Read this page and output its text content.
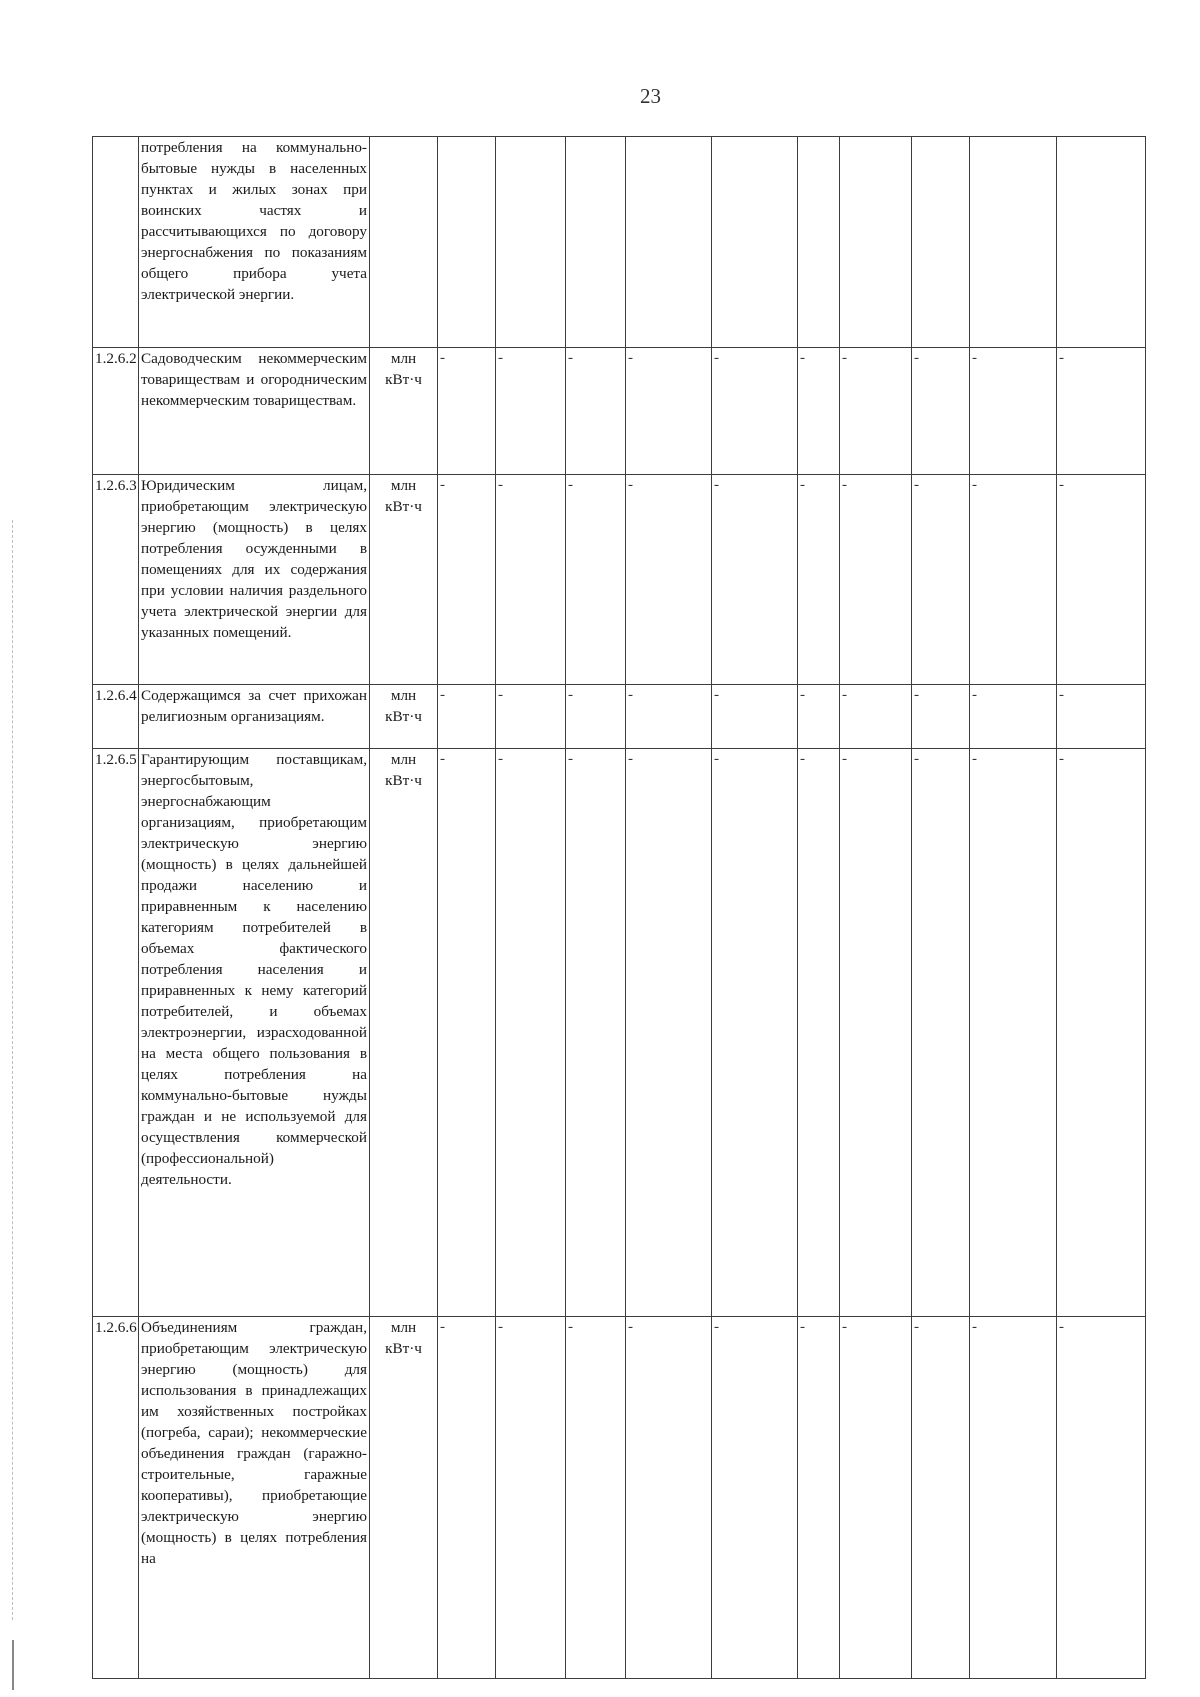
23
	потребления на коммунально-бытовые нужды в населенных пунктах и жилых зонах при воинских частях и рассчитывающихся по договору энергоснабжения по показаниям общего прибора учета электрической энергии.											
1.2.6.2	Садоводческим некоммерческим товариществам и огородническим некоммерческим товариществам.	млн кВт·ч	-	-	-	-	-	-	-	-	-	-
1.2.6.3	Юридическим лицам, приобретающим электрическую энергию (мощность) в целях потребления осужденными в помещениях для их содержания при условии наличия раздельного учета электрической энергии для указанных помещений.	млн кВт·ч	-	-	-	-	-	-	-	-	-	-
1.2.6.4	Содержащимся за счет прихожан религиозным организациям.	млн кВт·ч	-	-	-	-	-	-	-	-	-	-
1.2.6.5	Гарантирующим поставщикам, энергосбытовым, энергоснабжающим организациям, приобретающим электрическую энергию (мощность) в целях дальнейшей продажи населению и приравненным к населению категориям потребителей в объемах фактического потребления населения и приравненных к нему категорий потребителей, и объемах электроэнергии, израсходованной на места общего пользования в целях потребления на коммунально-бытовые нужды граждан и не используемой для осуществления коммерческой (профессиональной) деятельности.	млн кВт·ч	-	-	-	-	-	-	-	-	-	-
1.2.6.6	Объединениям граждан, приобретающим электрическую энергию (мощность) для использования в принадлежащих им хозяйственных постройках (погреба, сараи); некоммерческие объединения граждан (гаражно-строительные, гаражные кооперативы), приобретающие электрическую энергию (мощность) в целях потребления на	млн кВт·ч	-	-	-	-	-	-	-	-	-	-
